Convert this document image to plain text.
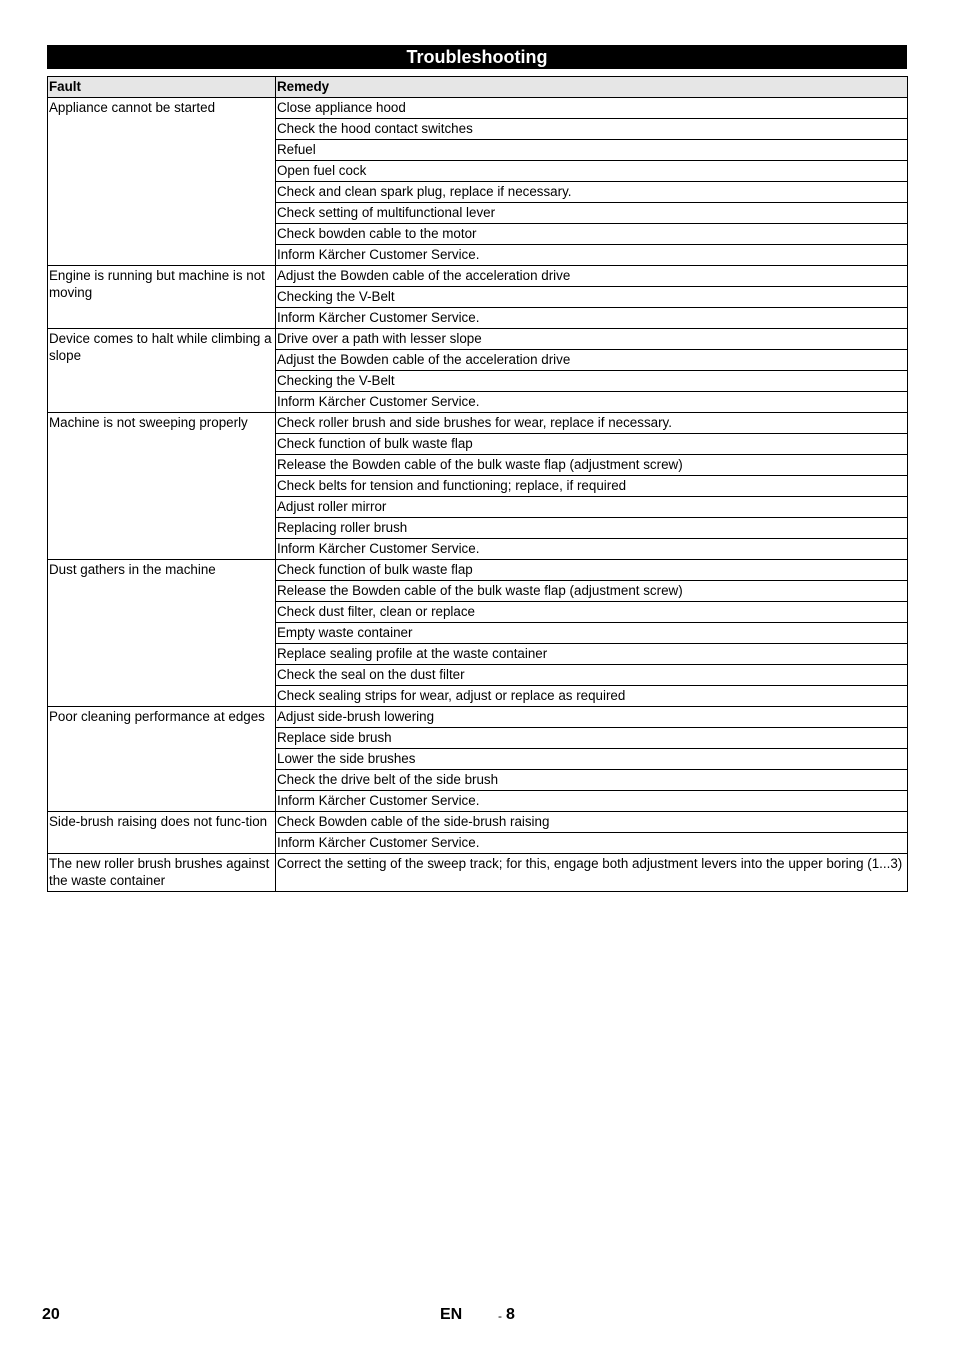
Troubleshooting
Fault	Remedy
Appliance cannot be started	Close appliance hood
	Check the hood contact switches
	Refuel
	Open fuel cock
	Check and clean spark plug, replace if necessary.
	Check setting of multifunctional lever
	Check bowden cable to the motor
	Inform Kärcher Customer Service.
Engine is running but machine is not moving	Adjust the Bowden cable of the acceleration drive
	Checking the V-Belt
	Inform Kärcher Customer Service.
Device comes to halt while climbing a slope	Drive over a path with lesser slope
	Adjust the Bowden cable of the acceleration drive
	Checking the V-Belt
	Inform Kärcher Customer Service.
Machine is not sweeping properly	Check roller brush and side brushes for wear, replace if necessary.
	Check function of bulk waste flap
	Release the Bowden cable of the bulk waste flap (adjustment screw)
	Check belts for tension and functioning; replace, if required
	Adjust roller mirror
	Replacing roller brush
	Inform Kärcher Customer Service.
Dust gathers in the machine	Check function of bulk waste flap
	Release the Bowden cable of the bulk waste flap (adjustment screw)
	Check dust filter, clean or replace
	Empty waste container
	Replace sealing profile at the waste container
	Check the seal on the dust filter
	Check sealing strips for wear, adjust or replace as required
Poor cleaning performance at edges	Adjust side-brush lowering
	Replace side brush
	Lower the side brushes
	Check the drive belt of the side brush
	Inform Kärcher Customer Service.
Side-brush raising does not func-tion	Check Bowden cable of the side-brush raising
	Inform Kärcher Customer Service.
The new roller brush brushes against the waste container	Correct the setting of the sweep track; for this, engage both adjustment levers into the upper boring (1...3)
20	EN	- 8
